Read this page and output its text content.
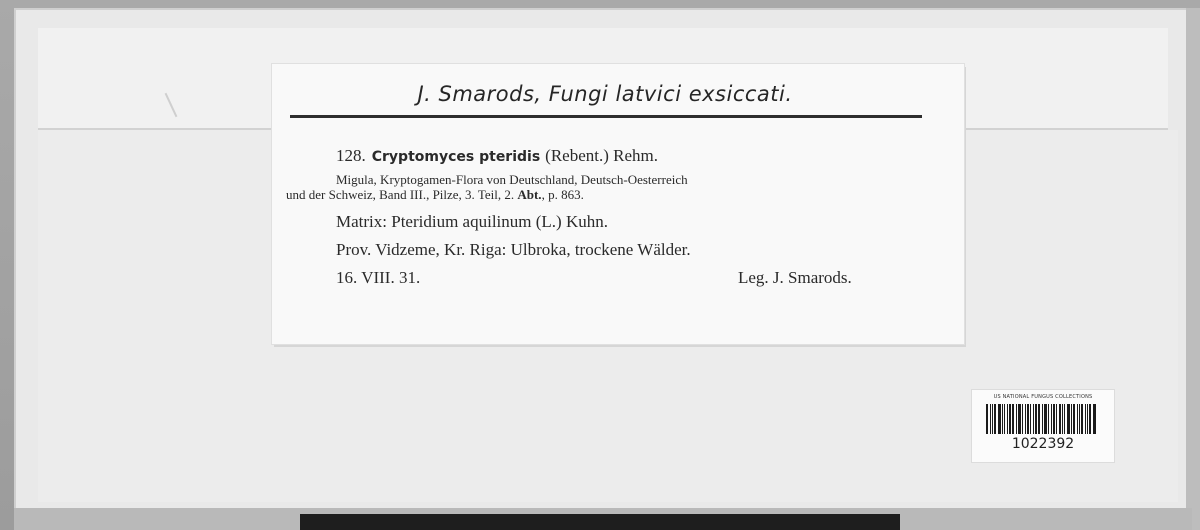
J. Smarods, Fungi latvici exsiccati.
128. Cryptomyces pteridis (Rebent.) Rehm.
Migula, Kryptogamen-Flora von Deutschland, Deutsch-Oesterreich
und der Schweiz, Band III., Pilze, 3. Teil, 2. Abt., p. 863.
Matrix: Pteridium aquilinum (L.) Kuhn.
Prov. Vidzeme, Kr. Riga: Ulbroka, trockene Wälder.
16. VIII. 31.	Leg. J. Smarods.
US NATIONAL FUNGUS COLLECTIONS
1022392
